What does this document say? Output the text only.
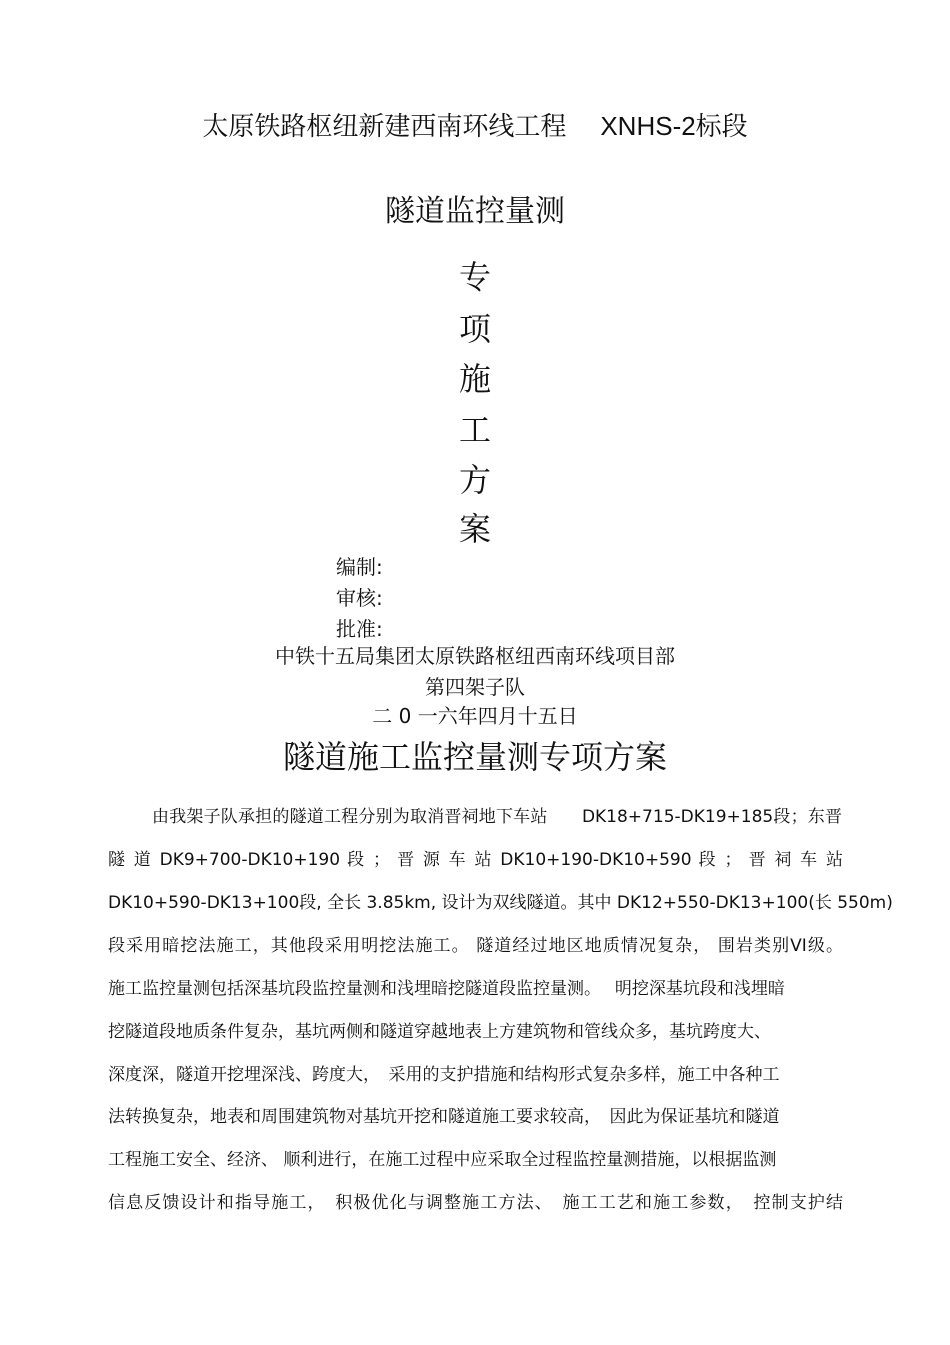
太原铁路枢纽新建西南环线工程 XNHS-2标段
隧道监控量测
专
项
施
工
方
案
编制:
审核:
批准:
中铁十五局集团太原铁路枢纽西南环线项目部
第四架子队
二 0 一六年四月十五日
隧道施工监控量测专项方案
由我架子队承担的隧道工程分别为取消晋祠地下车站　　DK18+715-DK19+185段；东晋
隧 道 DK9+700-DK10+190 段 ； 晋 源 车 站 DK10+190-DK10+590 段 ； 晋 祠 车 站
DK10+590-DK13+100段, 全长 3.85km, 设计为双线隧道。其中 DK12+550-DK13+100(长 550m)
段采用暗挖法施工，其他段采用明挖法施工。 隧道经过地区地质情况复杂， 围岩类别VI级。
施工监控量测包括深基坑段监控量测和浅埋暗挖隧道段监控量测。　 明挖深基坑段和浅埋暗
挖隧道段地质条件复杂，基坑两侧和隧道穿越地表上方建筑物和管线众多，基坑跨度大、
深度深，隧道开挖埋深浅、跨度大，　采用的支护措施和结构形式复杂多样，施工中各种工
法转换复杂，地表和周围建筑物对基坑开挖和隧道施工要求较高，　因此为保证基坑和隧道
工程施工安全、经济、 顺利进行，在施工过程中应采取全过程监控量测措施，以根据监测
信息反馈设计和指导施工，　积极优化与调整施工方法、　施工工艺和施工参数，　控制支护结
